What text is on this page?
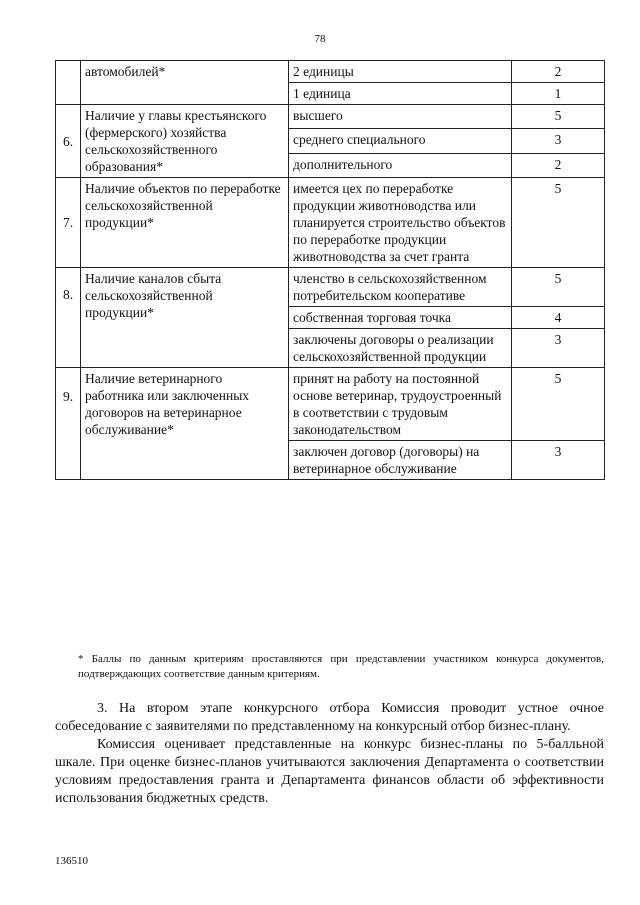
78
	автомобилей*	2 единицы	2
		1 единица	1
6.	Наличие у главы крестьянского (фермерского) хозяйства сельскохозяйственного образования*	высшего	5
		среднего специального	3
		дополнительного	2
7.	Наличие объектов по переработке сельскохозяйственной продукции*	имеется цех по переработке продукции животноводства или планируется строительство объектов по переработке продукции животноводства за счет гранта	5

8.	Наличие каналов сбыта сельскохозяйственной продукции*	членство в сельскохозяйственном потребительском кооперативе	5
		собственная торговая точка	4
		заключены договоры о реализации сельскохозяйственной продукции	3

9.	Наличие ветеринарного работника или заключенных договоров на ветеринарное обслуживание*	принят на работу на постоянной основе ветеринар, трудоустроенный в соответствии с трудовым законодательством	5
		заключен договор (договоры) на ветеринарное обслуживание	3
* Баллы по данным критериям проставляются при представлении участником конкурса документов, подтверждающих соответствие данным критериям.

3. На втором этапе конкурсного отбора Комиссия проводит устное очное собеседование с заявителями по представленному на конкурсный отбор бизнес-плану.

Комиссия оценивает представленные на конкурс бизнес-планы по 5-балльной шкале. При оценке бизнес-планов учитываются заключения Департамента о соответствии условиям предоставления гранта и Департамента финансов области об эффективности использования бюджетных средств.

136510
